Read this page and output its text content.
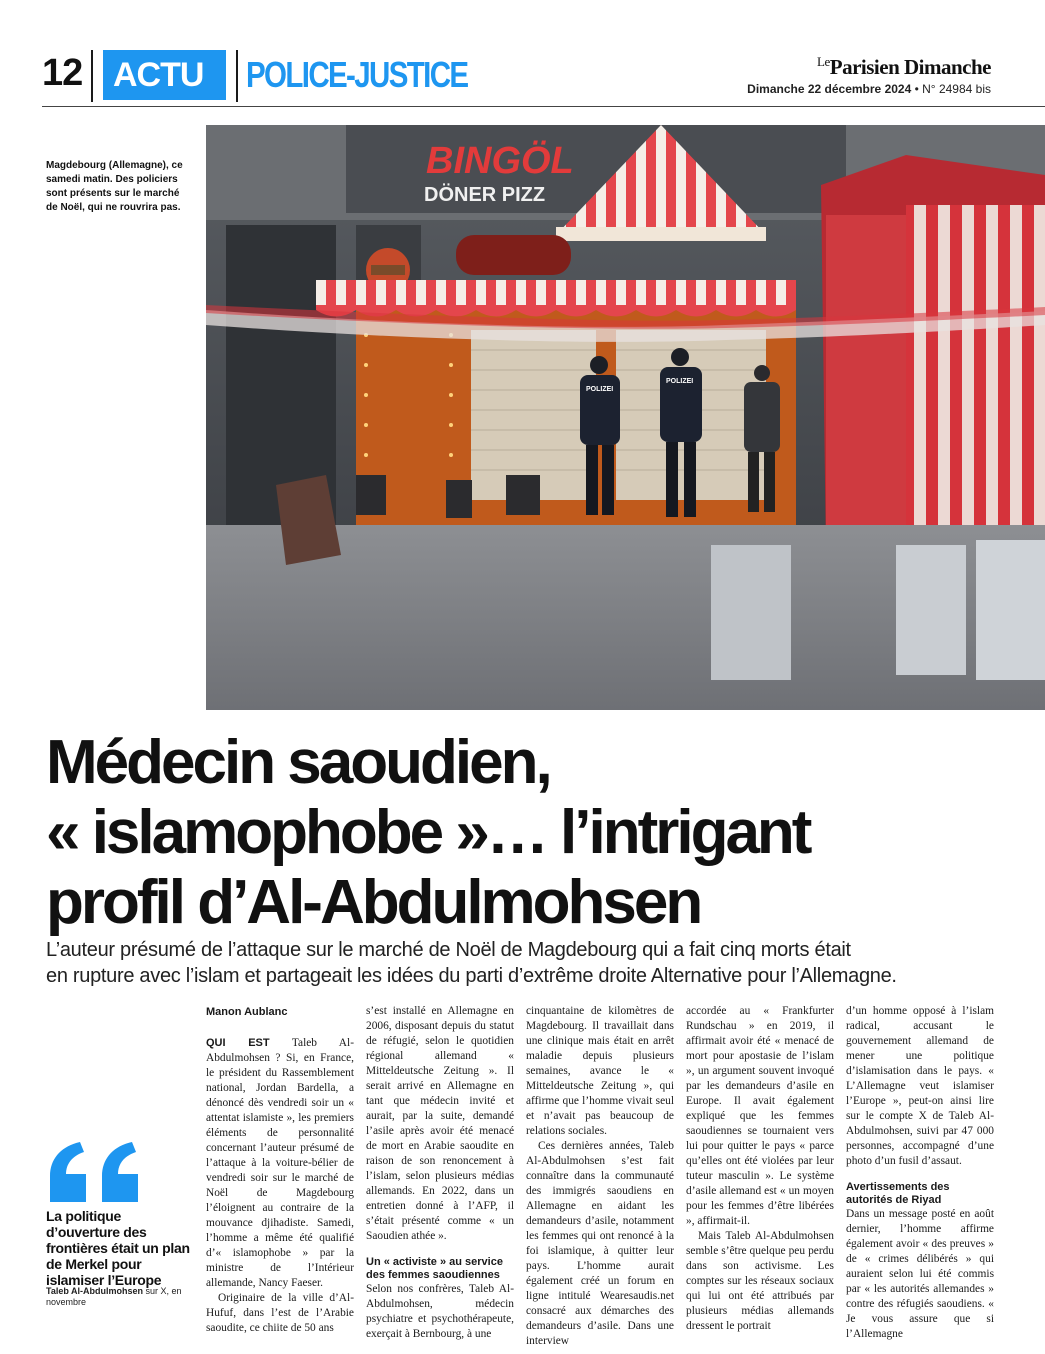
12 ACTU	POLICE-JUSTICE	$^{Le}$Parisien Dimanche
Dimanche 22 décembre 2024 • N° 24984 bis
Magdebourg (Allemagne), ce samedi matin. Des policiers sont présents sur le marché de Noël, qui ne rouvrira pas.
BINGÖL
DÖNER PIZZ
POLIZEI
POLIZEI
Médecin saoudien,
« islamophobe »… l’intrigant
profil d’Al-Abdulmohsen

L’auteur présumé de l’attaque sur le marché de Noël de Magdebourg qui a fait cinq morts était
en rupture avec l’islam et partageait les idées du parti d’extrême droite Alternative pour l’Allemagne.

La politique d’ouverture des frontières était un plan de Merkel pour islamiser l’Europe
Taleb Al-Abdulmohsen sur X, en novembre
Manon Aublanc

QUI EST Taleb Al-Abdulmohsen ? Si, en France, le président du Rassemblement national, Jordan Bardella, a dénoncé dès vendredi soir un « attentat islamiste », les premiers éléments de personnalité concernant l’auteur présumé de l’attaque à la voiture-bélier de vendredi soir sur le marché de Noël de Magdebourg l’éloignent au contraire de la mouvance djihadiste. Samedi, l’homme a même été qualifié d’« islamophobe » par la ministre de l’Intérieur allemande, Nancy Faeser.

Originaire de la ville d’Al-Hufuf, dans l’est de l’Arabie saoudite, ce chiite de 50 ans

s’est installé en Allemagne en 2006, disposant depuis du statut de réfugié, selon le quotidien régional allemand « Mitteldeutsche Zeitung ». Il serait arrivé en Allemagne en tant que médecin invité et aurait, par la suite, demandé l’asile après avoir été menacé de mort en Arabie saoudite en raison de son renoncement à l’islam, selon plusieurs médias allemands. En 2022, dans un entretien donné à l’AFP, il s’était présenté comme « un Saoudien athée ».

Un « activiste » au service des femmes saoudiennes

Selon nos confrères, Taleb Al-Abdulmohsen, médecin psychiatre et psychothérapeute, exerçait à Bernbourg, à une

cinquantaine de kilomètres de Magdebourg. Il travaillait dans une clinique mais était en arrêt maladie depuis plusieurs semaines, avance le « Mitteldeutsche Zeitung », qui affirme que l’homme vivait seul et n’avait pas beaucoup de relations sociales.

Ces dernières années, Taleb Al-Abdulmohsen s’est fait connaître dans la communauté des immigrés saoudiens en Allemagne en aidant les demandeurs d’asile, notamment les femmes qui ont renoncé à la foi islamique, à quitter leur pays. L’homme aurait également créé un forum en ligne intitulé Wearesaudis.net consacré aux démarches des demandeurs d’asile. Dans une interview

accordée au « Frankfurter Rundschau » en 2019, il affirmait avoir été « menacé de mort pour apostasie de l’islam », un argument souvent invoqué par les demandeurs d’asile en Europe. Il avait également expliqué que les femmes saoudiennes se tournaient vers lui pour quitter le pays « parce qu’elles ont été violées par leur tuteur masculin ». Le système d’asile allemand est « un moyen pour les femmes d’être libérées », affirmait-il.

Mais Taleb Al-Abdulmohsen semble s’être quelque peu perdu dans son activisme. Les comptes sur les réseaux sociaux qui lui ont été attribués par plusieurs médias allemands dressent le portrait

d’un homme opposé à l’islam radical, accusant le gouvernement allemand de mener une politique d’islamisation dans le pays. « L’Allemagne veut islamiser l’Europe », peut-on ainsi lire sur le compte X de Taleb Al-Abdulmohsen, suivi par 47 000 personnes, accompagné d’une photo d’un fusil d’assaut.

Avertissements des autorités de Riyad

Dans un message posté en août dernier, l’homme affirme également avoir « des preuves » de « crimes délibérés » qui auraient selon lui été commis par « les autorités allemandes » contre des réfugiés saoudiens. « Je vous assure que si l’Allemagne
